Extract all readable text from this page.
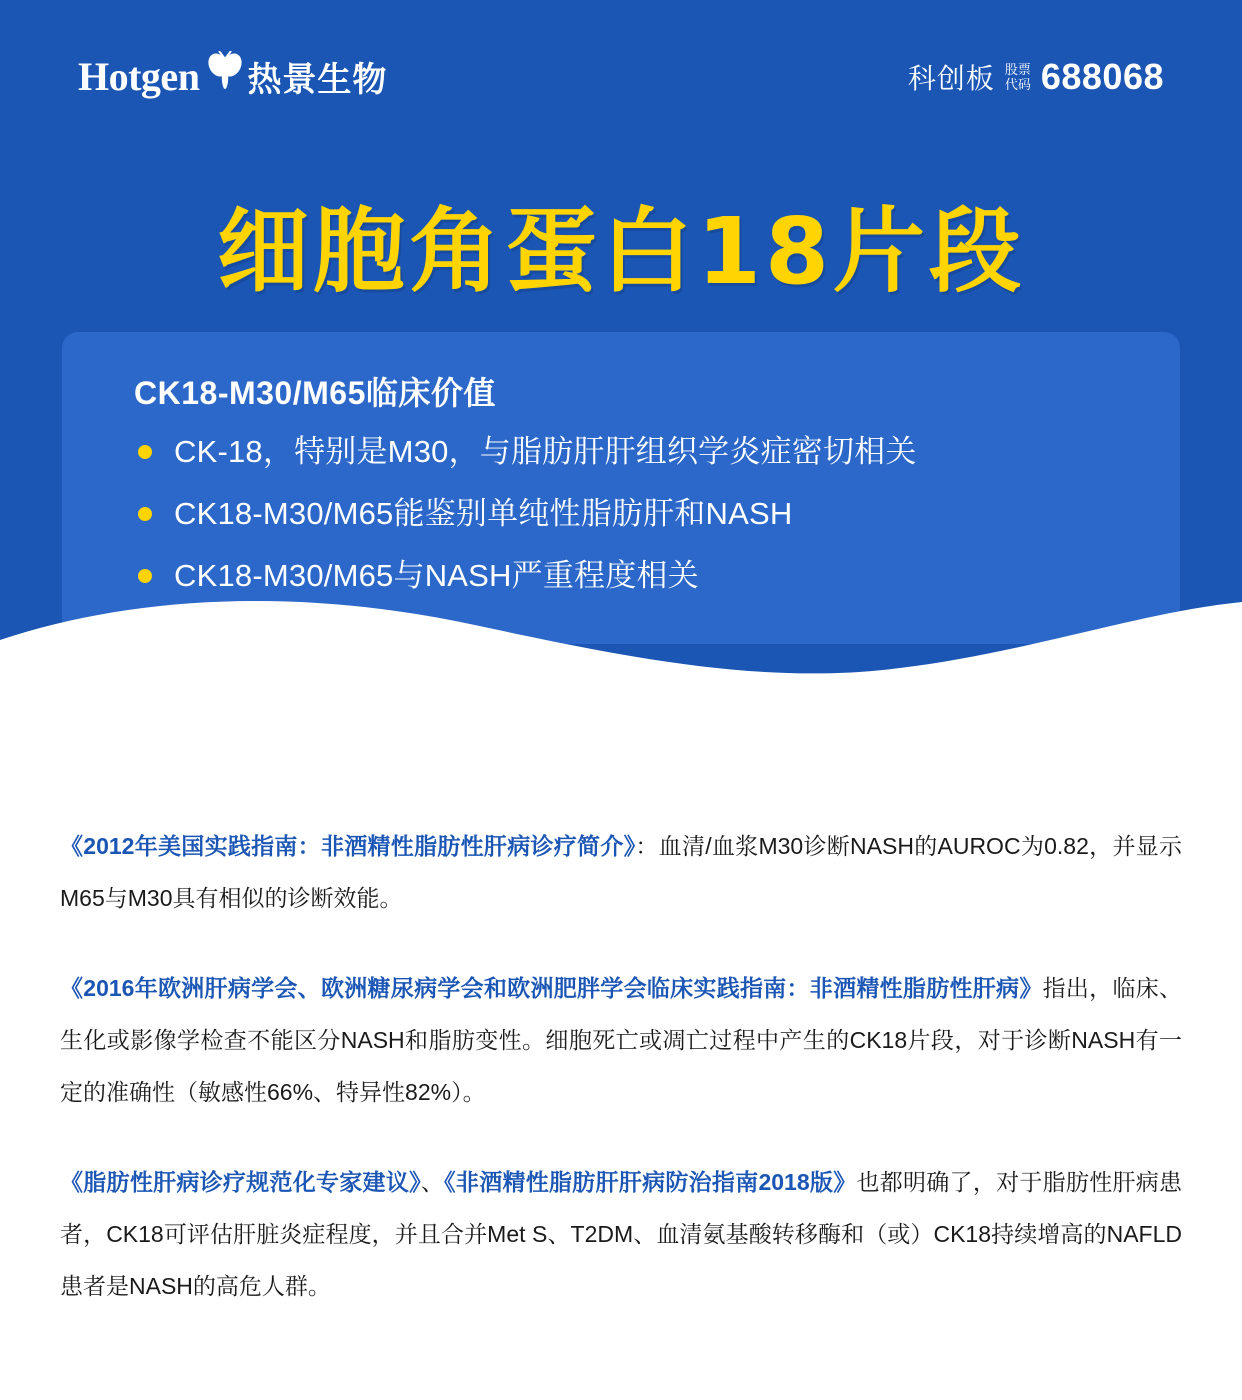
Hotgen 热景生物	科创板 股票
代码 688068
细胞角蛋白18片段
CK18-M30/M65临床价值
CK-18，特别是M30，与脂肪肝肝组织学炎症密切相关
CK18-M30/M65能鉴别单纯性脂肪肝和NASH
CK18-M30/M65与NASH严重程度相关

《2012年美国实践指南：非酒精性脂肪性肝病诊疗简介》：血清/血浆M30诊断NASH的AUROC为0.82，并显示M65与M30具有相似的诊断效能。

《2016年欧洲肝病学会、欧洲糖尿病学会和欧洲肥胖学会临床实践指南：非酒精性脂肪性肝病》指出，临床、生化或影像学检查不能区分NASH和脂肪变性。细胞死亡或凋亡过程中产生的CK18片段，对于诊断NASH有一定的准确性（敏感性66%、特异性82%）。

《脂肪性肝病诊疗规范化专家建议》、《非酒精性脂肪肝肝病防治指南2018版》也都明确了，对于脂肪性肝病患者，CK18可评估肝脏炎症程度，并且合并Met S、T2DM、血清氨基酸转移酶和（或）CK18持续增高的NAFLD患者是NASH的高危人群。
